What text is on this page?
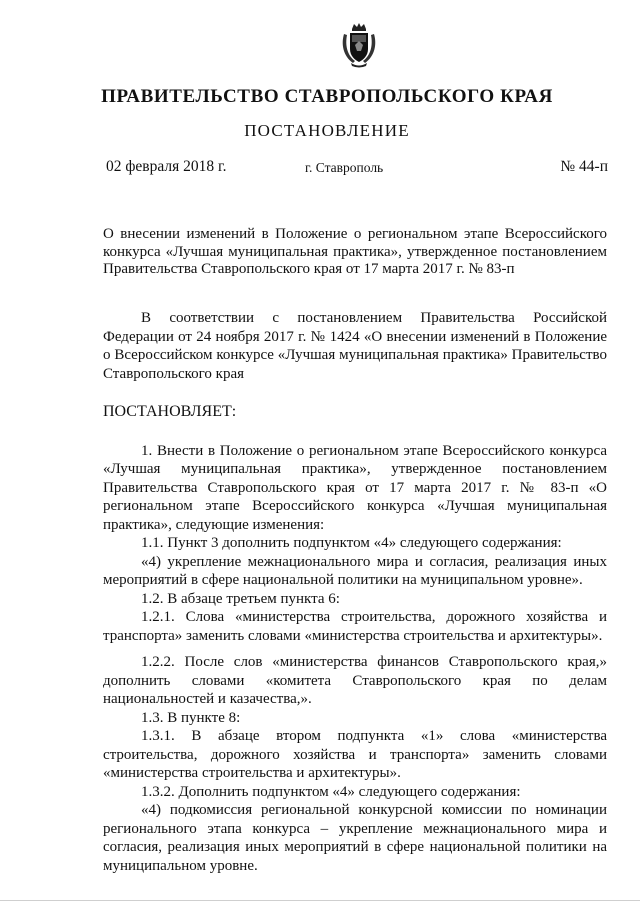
ПРАВИТЕЛЬСТВО СТАВРОПОЛЬСКОГО КРАЯ
ПОСТАНОВЛЕНИЕ
02 февраля 2018 г.	г. Ставрополь	№ 44-п
О внесении изменений в Положение о региональном этапе Всероссийского конкурса «Лучшая муниципальная практика», утвержденное постановлением Правительства Ставропольского края от 17 марта 2017 г. № 83-п

В соответствии с постановлением Правительства Российской Федерации от 24 ноября 2017 г. № 1424 «О внесении изменений в Положение о Всероссийском конкурсе «Лучшая муниципальная практика» Правительство Ставропольского края

ПОСТАНОВЛЯЕТ:

1. Внести в Положение о региональном этапе Всероссийского конкурса «Лучшая муниципальная практика», утвержденное постановлением Правительства Ставропольского края от 17 марта 2017 г. № 83-п «О региональном этапе Всероссийского конкурса «Лучшая муниципальная практика», следующие изменения:

1.1. Пункт 3 дополнить подпунктом «4» следующего содержания:

«4) укрепление межнационального мира и согласия, реализация иных мероприятий в сфере национальной политики на муниципальном уровне».

1.2. В абзаце третьем пункта 6:

1.2.1. Слова «министерства строительства, дорожного хозяйства и транспорта» заменить словами «министерства строительства и архитектуры».

1.2.2. После слов «министерства финансов Ставропольского края,» дополнить словами «комитета Ставропольского края по делам национальностей и казачества,».

1.3. В пункте 8:

1.3.1. В абзаце втором подпункта «1» слова «министерства строительства, дорожного хозяйства и транспорта» заменить словами «министерства строительства и архитектуры».

1.3.2. Дополнить подпунктом «4» следующего содержания:

«4) подкомиссия региональной конкурсной комиссии по номинации регионального этапа конкурса – укрепление межнационального мира и согласия, реализация иных мероприятий в сфере национальной политики на муниципальном уровне.
